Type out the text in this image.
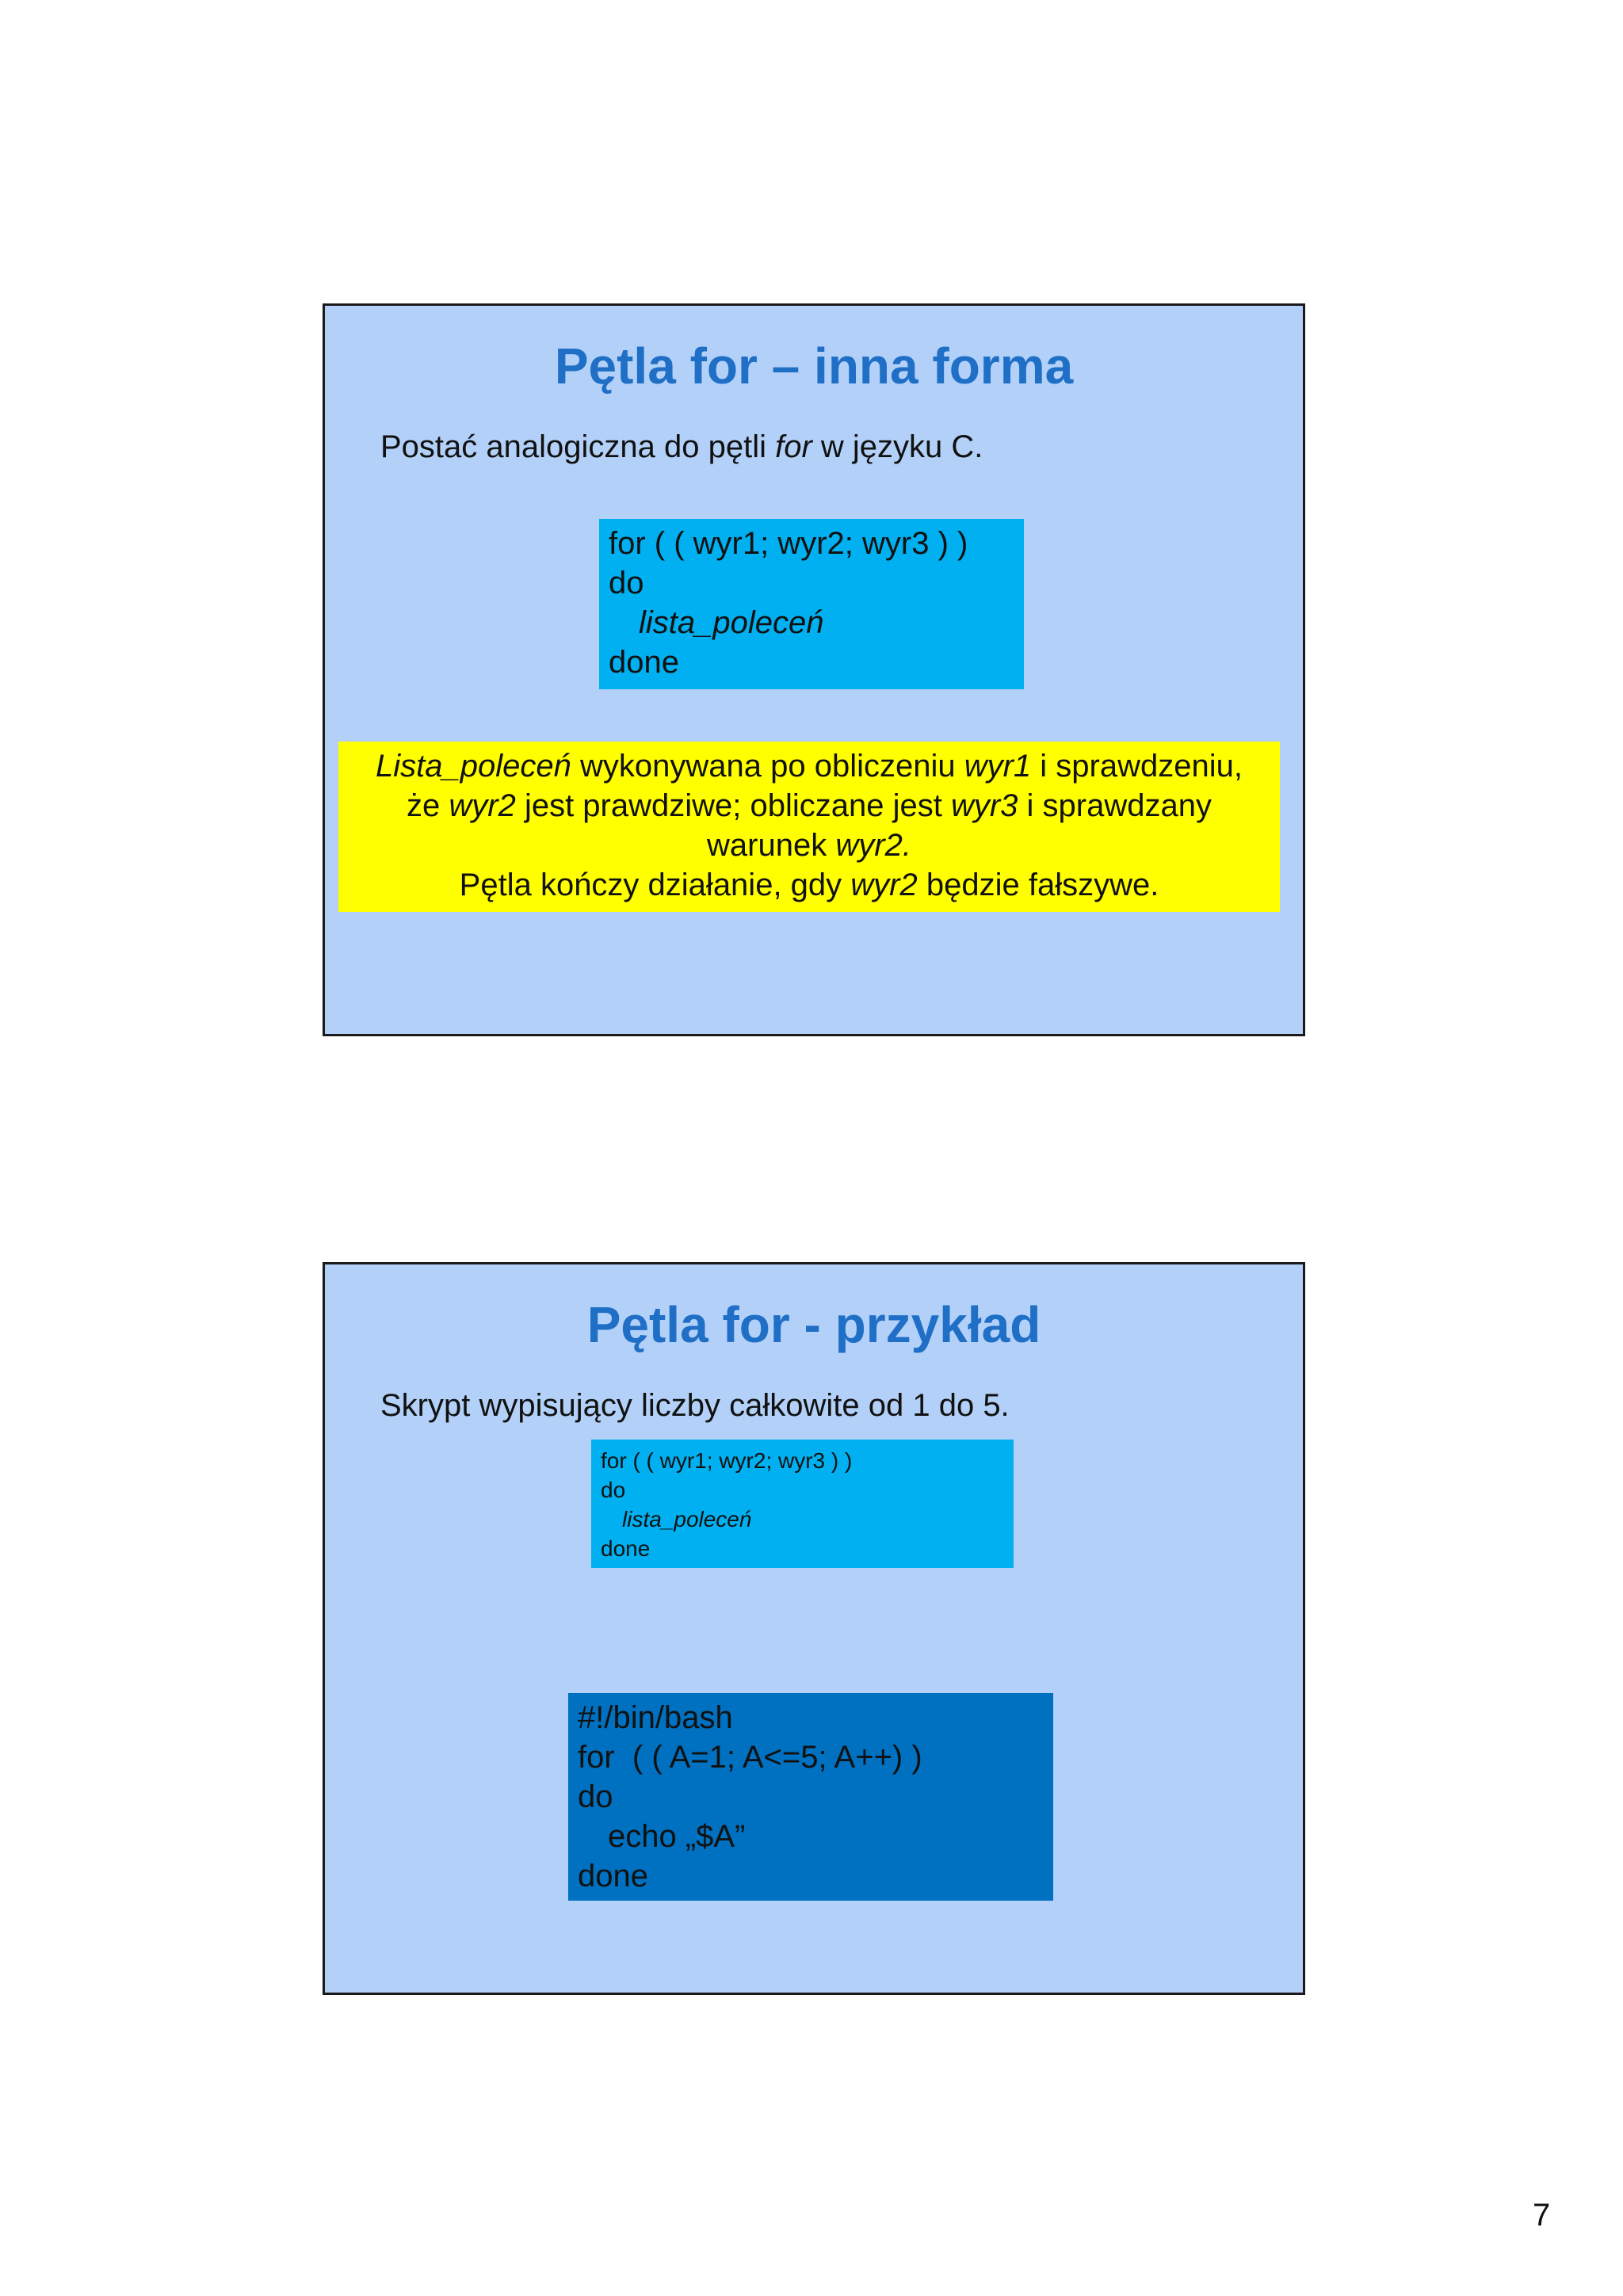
Pętla for – inna forma
Postać analogiczna do pętli for w języku C.
for ( ( wyr1; wyr2; wyr3 ) )
do
lista_poleceń
done
Lista_poleceń wykonywana po obliczeniu wyr1 i sprawdzeniu,
że wyr2 jest prawdziwe; obliczane jest wyr3 i sprawdzany
warunek wyr2.
Pętla kończy działanie, gdy wyr2 będzie fałszywe.
Pętla for - przykład
Skrypt wypisujący liczby całkowite od 1 do 5.
for ( ( wyr1; wyr2; wyr3 ) )
do
lista_poleceń
done
#!/bin/bash
for  ( ( A=1; A<=5; A++) )
do
echo „$A”
done
7
